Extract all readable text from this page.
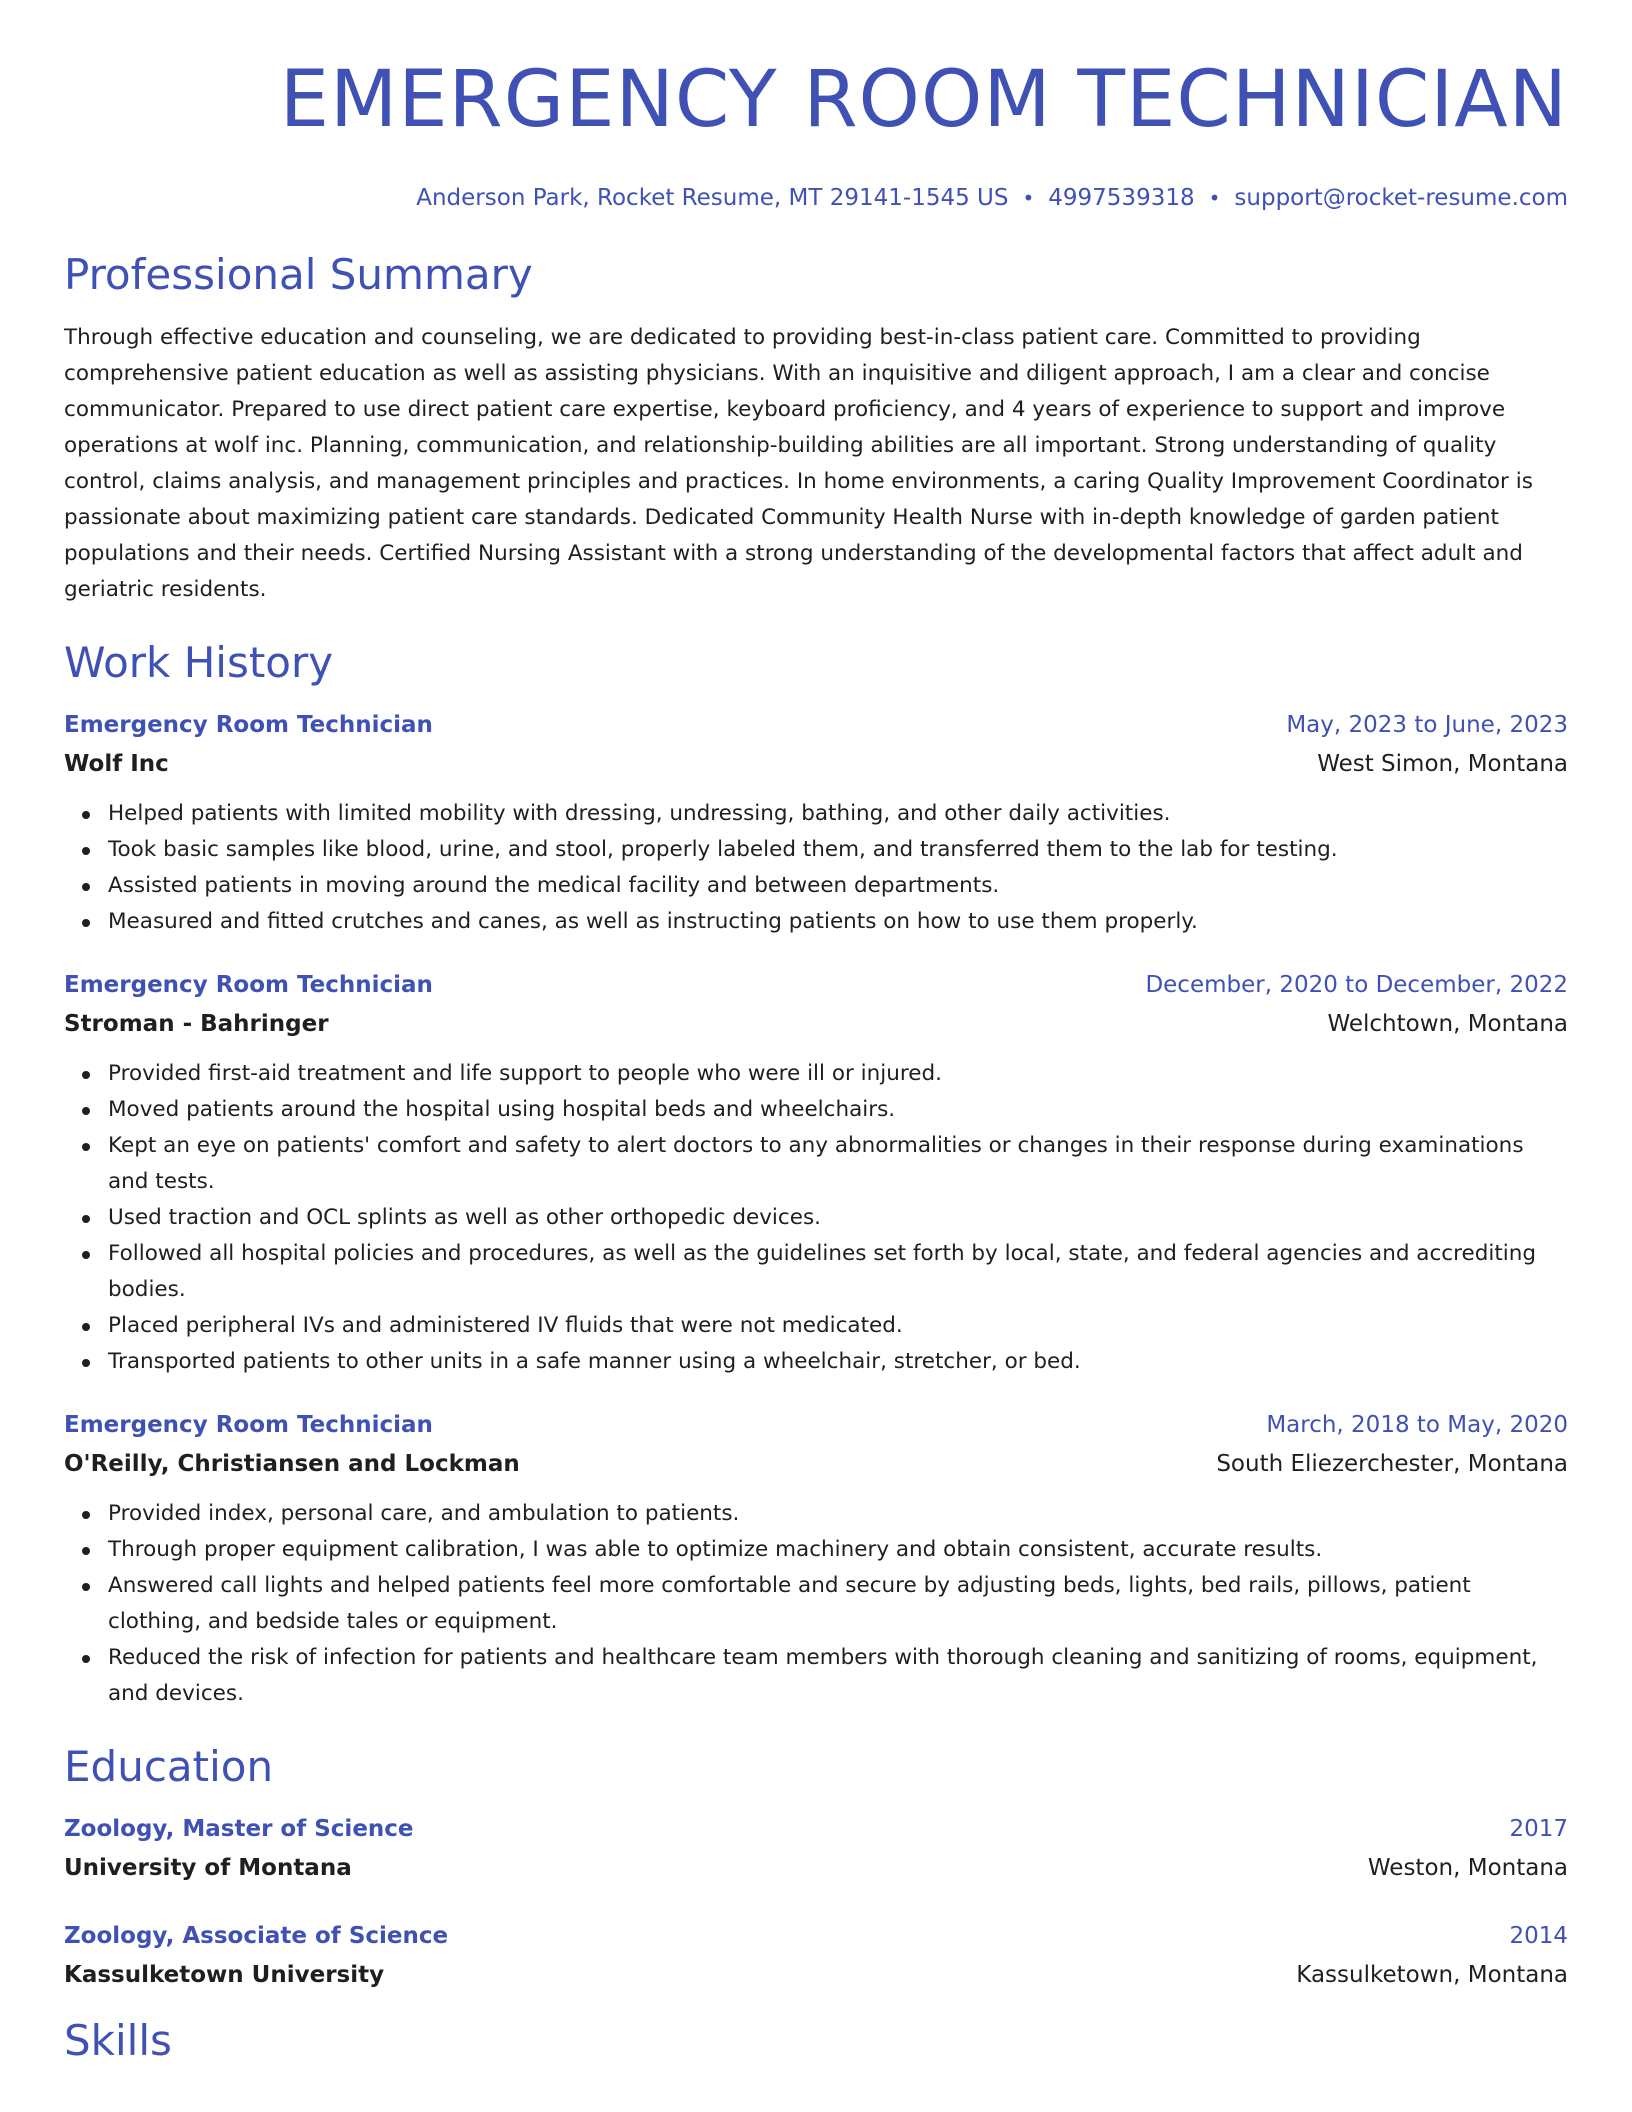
EMERGENCY ROOM TECHNICIAN
Anderson Park, Rocket Resume, MT 29141-1545 US • 4997539318 • support@rocket-resume.com
Professional Summary
Through effective education and counseling, we are dedicated to providing best-in-class patient care. Committed to providing comprehensive patient education as well as assisting physicians. With an inquisitive and diligent approach, I am a clear and concise communicator. Prepared to use direct patient care expertise, keyboard proficiency, and 4 years of experience to support and improve operations at wolf inc. Planning, communication, and relationship-building abilities are all important. Strong understanding of quality control, claims analysis, and management principles and practices. In home environments, a caring Quality Improvement Coordinator is passionate about maximizing patient care standards. Dedicated Community Health Nurse with in-depth knowledge of garden patient populations and their needs. Certified Nursing Assistant with a strong understanding of the developmental factors that affect adult and geriatric residents.
Work History
Emergency Room Technician	May, 2023 to June, 2023
Wolf Inc	West Simon, Montana
Helped patients with limited mobility with dressing, undressing, bathing, and other daily activities.
Took basic samples like blood, urine, and stool, properly labeled them, and transferred them to the lab for testing.
Assisted patients in moving around the medical facility and between departments.
Measured and fitted crutches and canes, as well as instructing patients on how to use them properly.
Emergency Room Technician	December, 2020 to December, 2022
Stroman - Bahringer	Welchtown, Montana
Provided first-aid treatment and life support to people who were ill or injured.
Moved patients around the hospital using hospital beds and wheelchairs.
Kept an eye on patients' comfort and safety to alert doctors to any abnormalities or changes in their response during examinations and tests.
Used traction and OCL splints as well as other orthopedic devices.
Followed all hospital policies and procedures, as well as the guidelines set forth by local, state, and federal agencies and accrediting bodies.
Placed peripheral IVs and administered IV fluids that were not medicated.
Transported patients to other units in a safe manner using a wheelchair, stretcher, or bed.
Emergency Room Technician	March, 2018 to May, 2020
O'Reilly, Christiansen and Lockman	South Eliezerchester, Montana
Provided index, personal care, and ambulation to patients.
Through proper equipment calibration, I was able to optimize machinery and obtain consistent, accurate results.
Answered call lights and helped patients feel more comfortable and secure by adjusting beds, lights, bed rails, pillows, patient clothing, and bedside tales or equipment.
Reduced the risk of infection for patients and healthcare team members with thorough cleaning and sanitizing of rooms, equipment, and devices.
Education
Zoology, Master of Science	2017
University of Montana	Weston, Montana
Zoology, Associate of Science	2014
Kassulketown University	Kassulketown, Montana
Skills
